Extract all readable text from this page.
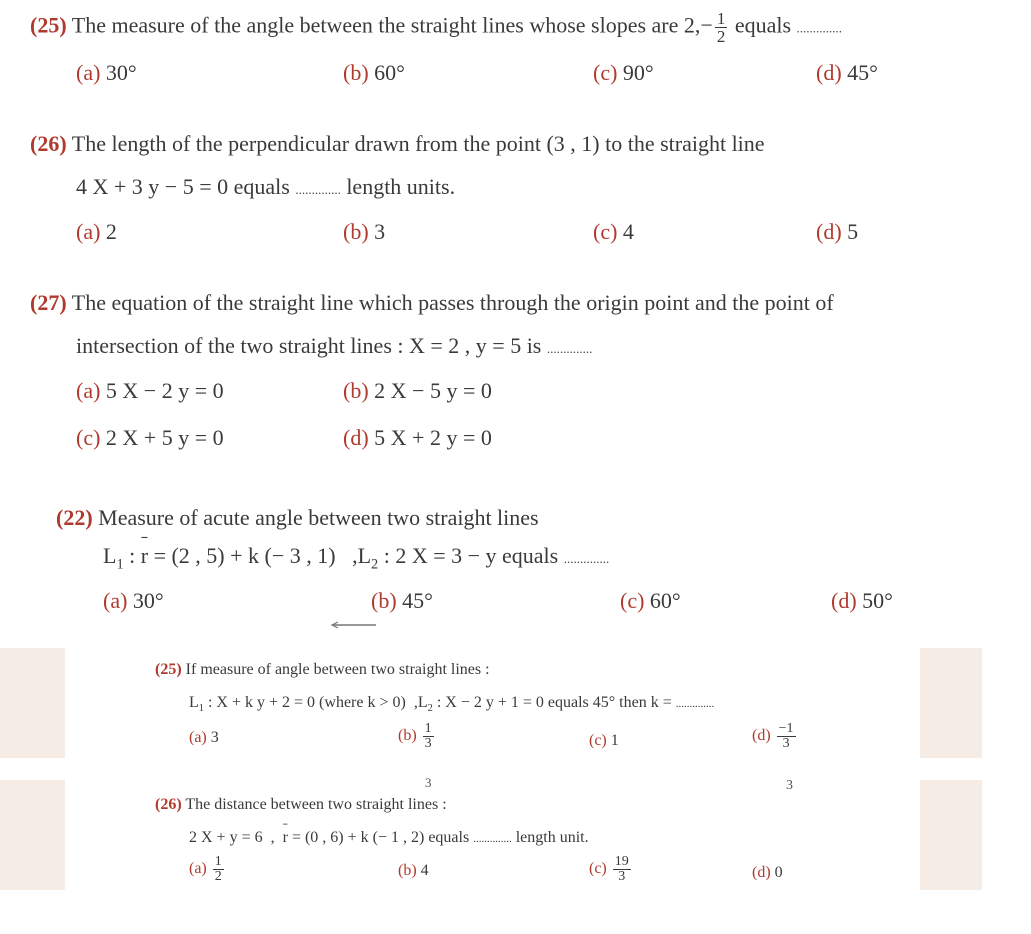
(25) The measure of the angle between the straight lines whose slopes are $2,- \frac{1}{2}$ equals ..............
(a) 30°	(b) 60°	(c) 90°	(d) 45°
(26) The length of the perpendicular drawn from the point (3 , 1) to the straight line
4 X + 3 y − 5 = 0 equals .............. length units.
(a) 2	(b) 3	(c) 4	(d) 5
(27) The equation of the straight line which passes through the origin point and the point of
intersection of the two straight lines : X = 2 , y = 5 is ..............
(a) 5 X − 2 y = 0	(b) 2 X − 5 y = 0
(c) 2 X + 5 y = 0	(d) 5 X + 2 y = 0
(22) Measure of acute angle between two straight lines
$L_1$ : ˉ r = (2 , 5) + k (− 3 , 1) $,L_2$ : 2 X = 3 − y equals ..............
(a) 30°	(b) 45°	(c) 60°	(d) 50°
(25) If measure of angle between two straight lines :
$L_1$ : X + k y + 2 = 0 (where k > 0) $,L_2$ : X − 2 y + 1 = 0 equals 45° then k = ..............
(a) 3	$(b) \frac{1}{3}$	(c) 1	$(d) \frac{-1}{3}$
3	3
(26) The distance between two straight lines :
2 X + y = 6 , ˉ r = (0 , 6) + k (− 1 , 2) equals .............. length unit.
$(a) \frac{1}{2}$	(b) 4	$(c) \frac{19}{3}$	(d) 0
